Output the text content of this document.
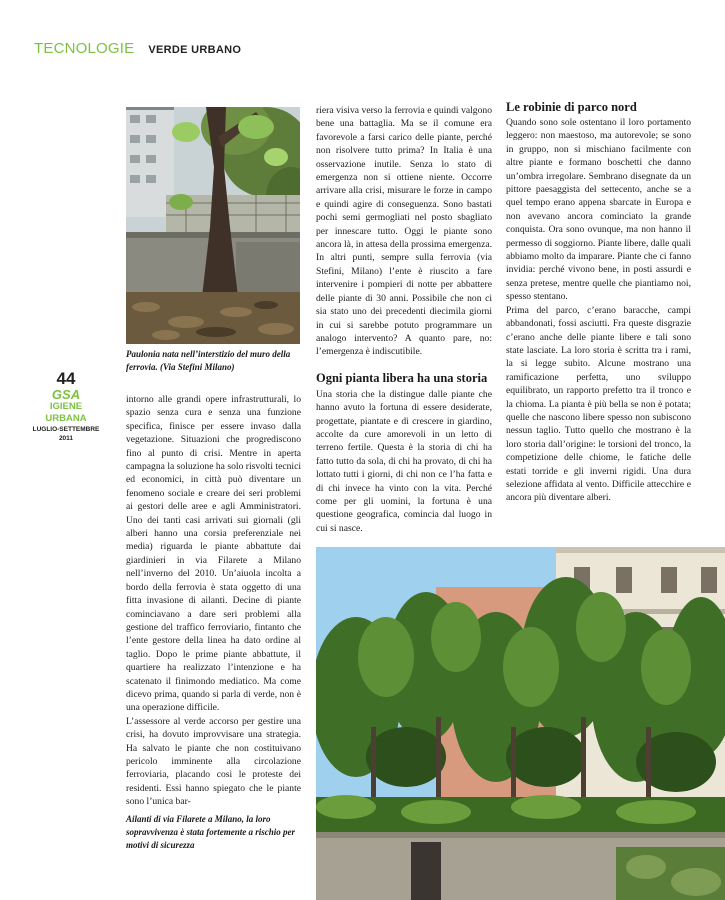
TECNOLOGIE VERDE URBANO
Paulonia nata nell’interstizio del muro della ferrovia. (Via Stefini Milano)
44
GSA
IGIENE URBANA
LUGLIO-SETTEMBRE 2011

intorno alle grandi opere infrastrutturali, lo spazio senza cura e senza una funzione specifica, finisce per essere invaso dalla vegetazione. Situazioni che progrediscono fino al punto di crisi. Mentre in aperta campagna la soluzione ha solo risvolti tecnici ed economici, in città può diventare un fenomeno sociale e creare dei seri problemi ai gestori delle aree e agli Amministratori. Uno dei tanti casi arrivati sui giornali (gli alberi hanno una corsia preferenziale nei media) riguarda le piante abbattute dai giardinieri in via Filarete a Milano nell’inverno del 2010. Un’aiuola incolta a bordo della ferrovia è stata oggetto di una fitta invasione di ailanti. Decine di piante cominciavano a dare seri problemi alla gestione del traffico ferroviario, fintanto che l’ente gestore della linea ha dato ordine al taglio. Dopo le prime piante abbattute, il quartiere ha realizzato l’intenzione e ha scatenato il finimondo mediatico. Ma come dicevo prima, quando si parla di verde, non è una operazione difficile.

L’assessore al verde accorso per gestire una crisi, ha dovuto improvvisare una strategia. Ha salvato le piante che non costituivano pericolo imminente alla circolazione ferroviaria, placando così le proteste dei residenti. Essi hanno spiegato che le piante sono l’unica bar-

Ailanti di via Filarete a Milano, la loro sopravvivenza è stata fortemente a rischio per motivi di sicurezza

riera visiva verso la ferrovia e quindi valgono bene una battaglia. Ma se il comune era favorevole a farsi carico delle piante, perché non risolvere tutto prima? In Italia è una osservazione inutile. Senza lo stato di emergenza non si ottiene niente. Occorre arrivare alla crisi, misurare le forze in campo e quindi agire di conseguenza. Sono bastati pochi semi germogliati nel posto sbagliato per innescare tutto. Oggi le piante sono ancora là, in attesa della prossima emergenza. In altri punti, sempre sulla ferrovia (via Stefini, Milano) l’ente è riuscito a fare intervenire i pompieri di notte per abbattere delle piante di 30 anni. Possibile che non ci sia stato uno dei precedenti diecimila giorni in cui si sarebbe potuto programmare un analogo intervento? A quanto pare, no: l’emergenza è indiscutibile.

Ogni pianta libera ha una storia

Una storia che la distingue dalle piante che hanno avuto la fortuna di essere desiderate, progettate, piantate e di crescere in giardino, accolte da cure amorevoli in un letto di terreno fertile. Questa è la storia di chi ha fatto tutto da sola, di chi ha provato, di chi ha lottato tutti i giorni, di chi non ce l’ha fatta e di chi invece ha vinto con la vita. Perché come per gli uomini, la fortuna è una questione geografica, comincia dal luogo in cui si nasce.

Le robinie di parco nord

Quando sono sole ostentano il loro portamento leggero: non maestoso, ma autorevole; se sono in gruppo, non si mischiano facilmente con altre piante e formano boschetti che danno un’ombra irregolare. Sembrano disegnate da un pittore paesaggista del settecento, anche se a quel tempo erano appena sbarcate in Europa e non avevano ancora cominciato la grande conquista. Ora sono ovunque, ma non hanno il permesso di soggiorno. Piante libere, dalle quali abbiamo molto da imparare. Piante che ci fanno invidia: perché vivono bene, in posti assurdi e senza pretese, mentre quelle che piantiamo noi, spesso stentano.

Prima del parco, c’erano baracche, campi abbandonati, fossi asciutti. Fra queste disgrazie c’erano anche delle piante libere e tali sono state lasciate. La loro storia è scritta tra i rami, la si legge subito. Alcune mostrano una ramificazione perfetta, uno sviluppo equilibrato, un rapporto prefetto tra il tronco e la chioma. La pianta è più bella se non è potata; quelle che nascono libere spesso non subiscono nessun taglio. Tutto quello che mostrano è la loro storia dall’origine: le torsioni del tronco, la competizione delle chiome, le fatiche delle estati torride e gli inverni rigidi. Una dura selezione affidata al vento. Difficile attecchire e ancora più diventare alberi.
